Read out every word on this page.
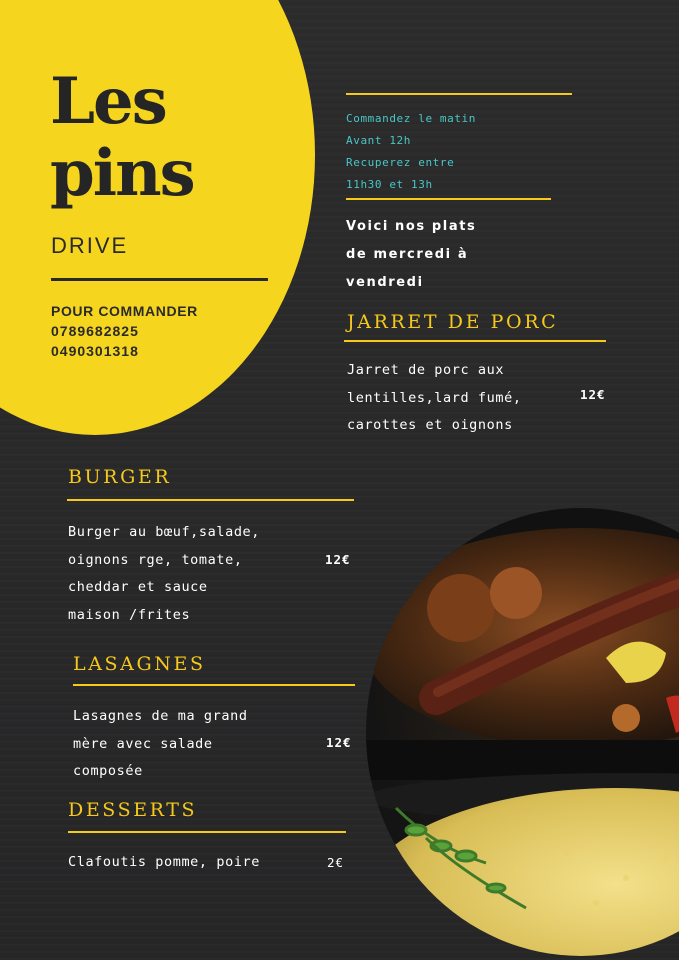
Les
pins
DRIVE
POUR COMMANDER
0789682825
0490301318
Commandez le matin
Avant 12h
Recuperez entre
11h30 et 13h
Voici nos plats
de mercredi à
vendredi
JARRET DE PORC
Jarret de porc aux
lentilles,lard fumé,
carottes et oignons
12€
BURGER
Burger au bœuf,salade,
oignons rge, tomate,
cheddar et sauce
maison /frites
12€
LASAGNES
Lasagnes de ma grand
mère avec salade
composée
12€
DESSERTS
Clafoutis pomme, poire	2€
